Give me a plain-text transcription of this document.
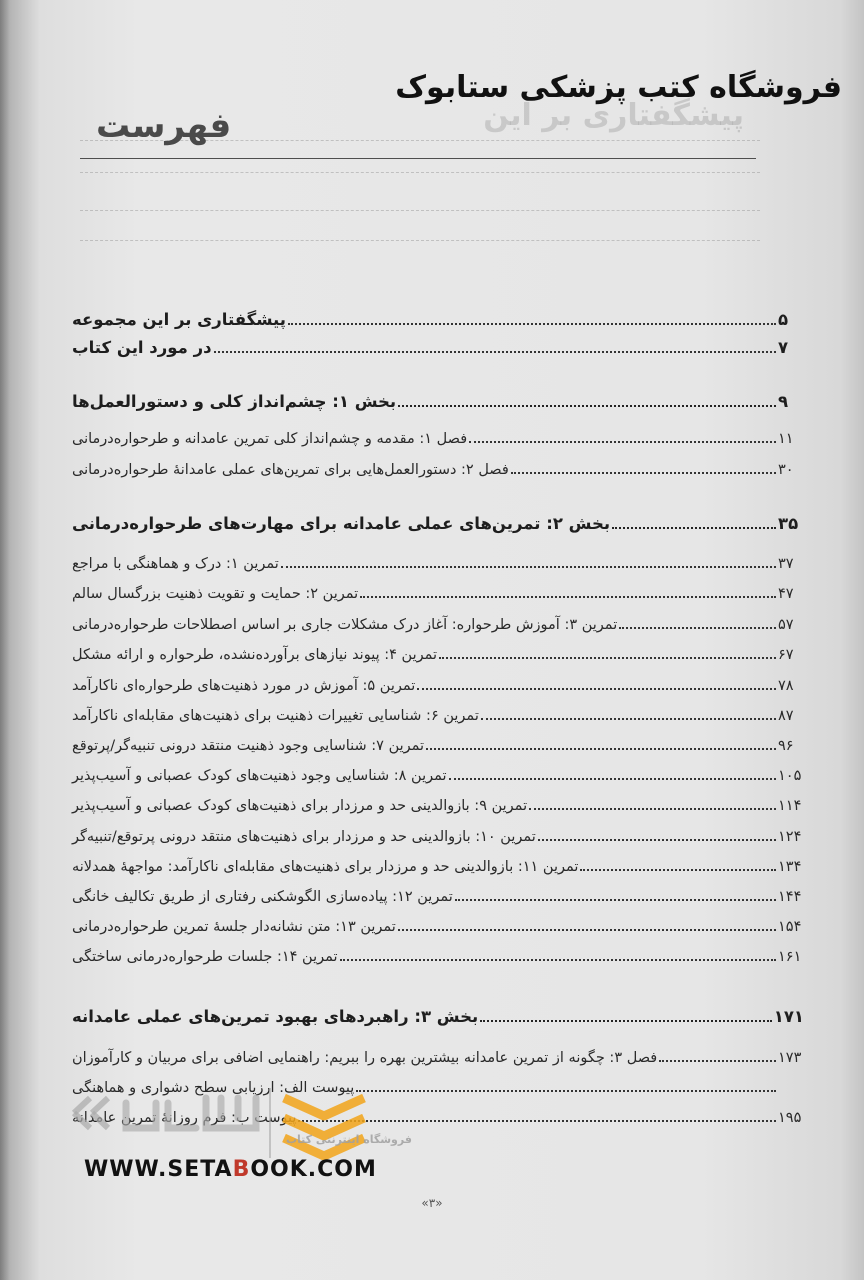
فروشگاه کتب پزشکی ستابوک
پیشگفتاری بر این
فهرست
پیشگفتاری بر این مجموعه	۵
در مورد این کتاب	۷
بخش ۱: چشم‌انداز کلی و دستورالعمل‌ها	۹
فصل ۱: مقدمه و چشم‌انداز کلی تمرین عامدانه و طرحواره‌درمانی	۱۱
فصل ۲: دستورالعمل‌هایی برای تمرین‌های عملی عامدانهٔ طرحواره‌درمانی	۳۰
بخش ۲: تمرین‌های عملی عامدانه برای مهارت‌های طرحواره‌درمانی	۳۵
تمرین ۱: درک و هماهنگی با مراجع	۳۷
تمرین ۲: حمایت و تقویت ذهنیت بزرگسال سالم	۴۷
تمرین ۳: آموزش طرحواره: آغاز درک مشکلات جاری بر اساس اصطلاحات طرحواره‌درمانی	۵۷
تمرین ۴: پیوند نیازهای برآورده‌نشده، طرحواره و ارائه مشکل	۶۷
تمرین ۵: آموزش در مورد ذهنیت‌های طرحواره‌ای ناکارآمد	۷۸
تمرین ۶: شناسایی تغییرات ذهنیت برای ذهنیت‌های مقابله‌ای ناکارآمد	۸۷
تمرین ۷: شناسایی وجود ذهنیت منتقد درونی تنبیه‌گر/پرتوقع	۹۶
تمرین ۸: شناسایی وجود ذهنیت‌های کودک عصبانی و آسیب‌پذیر	۱۰۵
تمرین ۹: بازوالدینی حد و مرزدار برای ذهنیت‌های کودک عصبانی و آسیب‌پذیر	۱۱۴
تمرین ۱۰: بازوالدینی حد و مرزدار برای ذهنیت‌های منتقد درونی پرتوقع/تنبیه‌گر	۱۲۴
تمرین ۱۱: بازوالدینی حد و مرزدار برای ذهنیت‌های مقابله‌ای ناکارآمد: مواجههٔ همدلانه	۱۳۴
تمرین ۱۲: پیاده‌سازی الگوشکنی رفتاری از طریق تکالیف خانگی	۱۴۴
تمرین ۱۳: متن نشانه‌دار جلسهٔ تمرین طرحواره‌درمانی	۱۵۴
تمرین ۱۴: جلسات طرحواره‌درمانی ساختگی	۱۶۱
بخش ۳: راهبردهای بهبود تمرین‌های عملی عامدانه	۱۷۱
فصل ۳: چگونه از تمرین عامدانه بیشترین بهره را ببریم: راهنمایی اضافی برای مربیان و کارآموزان	۱۷۳
پیوست الف: ارزیابی سطح دشواری و هماهنگی
پیوست ب: فرم روزانهٔ تمرین عامدانه	۱۹۵
فروشگاه اینترنتی کتاب
WWW.SETABOOK.COM
«۳»
